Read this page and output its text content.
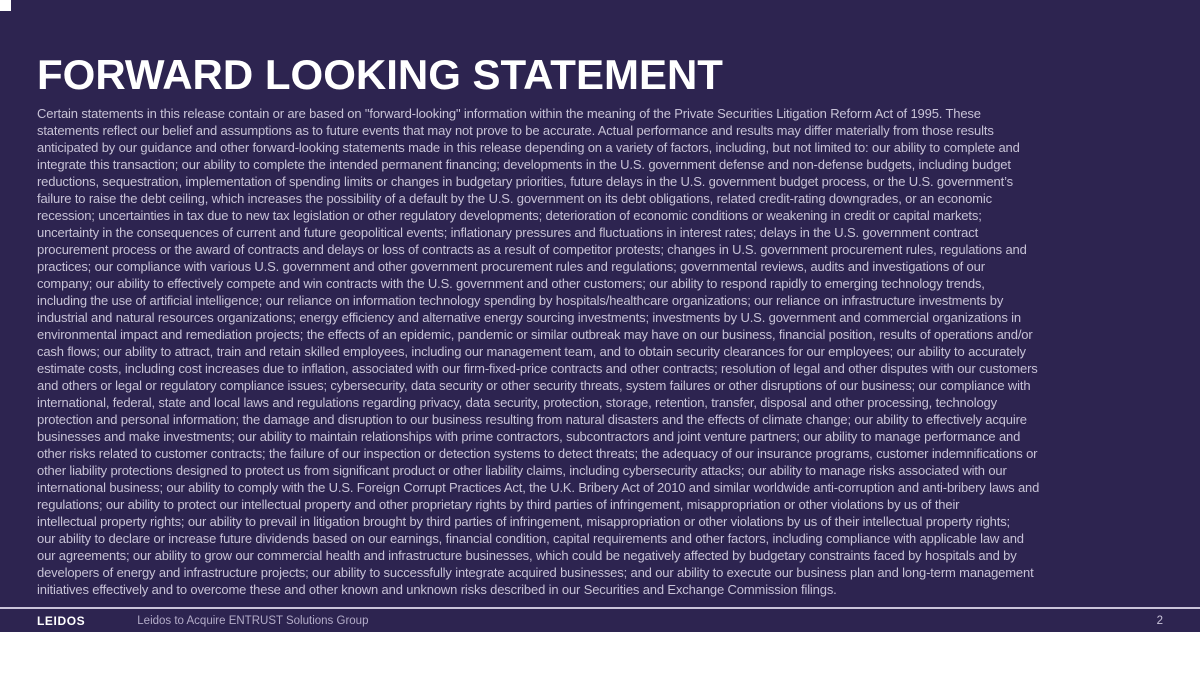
FORWARD LOOKING STATEMENT
Certain statements in this release contain or are based on "forward-looking" information within the meaning of the Private Securities Litigation Reform Act of 1995. These
statements reflect our belief and assumptions as to future events that may not prove to be accurate. Actual performance and results may differ materially from those results
anticipated by our guidance and other forward-looking statements made in this release depending on a variety of factors, including, but not limited to: our ability to complete and
integrate this transaction; our ability to complete the intended permanent financing; developments in the U.S. government defense and non-defense budgets, including budget
reductions, sequestration, implementation of spending limits or changes in budgetary priorities, future delays in the U.S. government budget process, or the U.S. government’s
failure to raise the debt ceiling, which increases the possibility of a default by the U.S. government on its debt obligations, related credit-rating downgrades, or an economic
recession; uncertainties in tax due to new tax legislation or other regulatory developments; deterioration of economic conditions or weakening in credit or capital markets;
uncertainty in the consequences of current and future geopolitical events; inflationary pressures and fluctuations in interest rates; delays in the U.S. government contract
procurement process or the award of contracts and delays or loss of contracts as a result of competitor protests; changes in U.S. government procurement rules, regulations and
practices; our compliance with various U.S. government and other government procurement rules and regulations; governmental reviews, audits and investigations of our
company; our ability to effectively compete and win contracts with the U.S. government and other customers; our ability to respond rapidly to emerging technology trends,
including the use of artificial intelligence; our reliance on information technology spending by hospitals/healthcare organizations; our reliance on infrastructure investments by
industrial and natural resources organizations; energy efficiency and alternative energy sourcing investments; investments by U.S. government and commercial organizations in
environmental impact and remediation projects; the effects of an epidemic, pandemic or similar outbreak may have on our business, financial position, results of operations and/or
cash flows; our ability to attract, train and retain skilled employees, including our management team, and to obtain security clearances for our employees; our ability to accurately
estimate costs, including cost increases due to inflation, associated with our firm-fixed-price contracts and other contracts; resolution of legal and other disputes with our customers
and others or legal or regulatory compliance issues; cybersecurity, data security or other security threats, system failures or other disruptions of our business; our compliance with
international, federal, state and local laws and regulations regarding privacy, data security, protection, storage, retention, transfer, disposal and other processing, technology
protection and personal information; the damage and disruption to our business resulting from natural disasters and the effects of climate change; our ability to effectively acquire
businesses and make investments; our ability to maintain relationships with prime contractors, subcontractors and joint venture partners; our ability to manage performance and
other risks related to customer contracts; the failure of our inspection or detection systems to detect threats; the adequacy of our insurance programs, customer indemnifications or
other liability protections designed to protect us from significant product or other liability claims, including cybersecurity attacks; our ability to manage risks associated with our
international business; our ability to comply with the U.S. Foreign Corrupt Practices Act, the U.K. Bribery Act of 2010 and similar worldwide anti-corruption and anti-bribery laws and
regulations; our ability to protect our intellectual property and other proprietary rights by third parties of infringement, misappropriation or other violations by us of their
intellectual property rights; our ability to prevail in litigation brought by third parties of infringement, misappropriation or other violations by us of their intellectual property rights;
our ability to declare or increase future dividends based on our earnings, financial condition, capital requirements and other factors, including compliance with applicable law and
our agreements; our ability to grow our commercial health and infrastructure businesses, which could be negatively affected by budgetary constraints faced by hospitals and by
developers of energy and infrastructure projects; our ability to successfully integrate acquired businesses; and our ability to execute our business plan and long-term management
initiatives effectively and to overcome these and other known and unknown risks described in our Securities and Exchange Commission filings.
LEIDOS	Leidos to Acquire ENTRUST Solutions Group	2
